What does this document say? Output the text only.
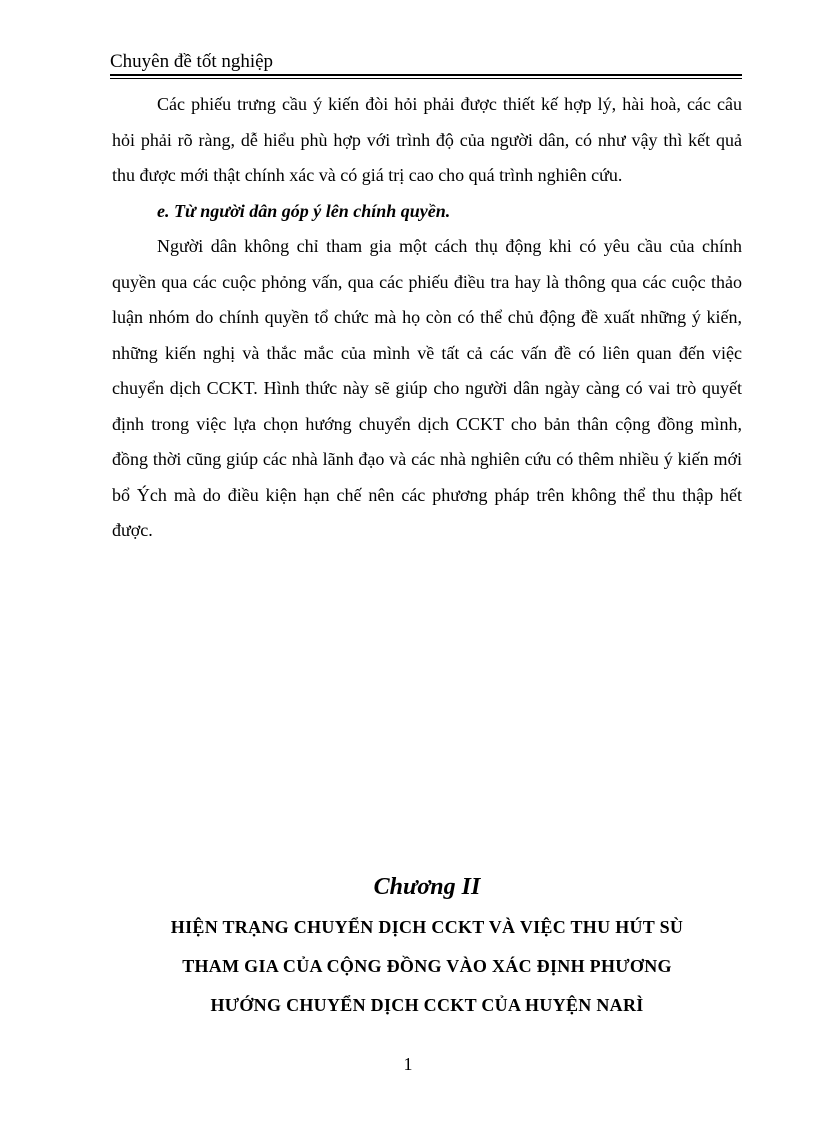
Chuyên đề tốt nghiệp

Các phiếu trưng cầu ý kiến đòi hỏi phải được thiết kế hợp lý, hài hoà, các câu hỏi phải rõ ràng, dễ hiểu phù hợp với trình độ của người dân, có như vậy thì kết quả thu được mới thật chính xác và có giá trị cao cho quá trình nghiên cứu.

e. Từ người dân góp ý lên chính quyền.

Người dân không chỉ tham gia một cách thụ động khi có yêu cầu của chính quyền qua các cuộc phỏng vấn, qua các phiếu điều tra hay là thông qua các cuộc thảo luận nhóm do chính quyền tổ chức mà họ còn có thể chủ động đề xuất những ý kiến, những kiến nghị và thắc mắc của mình về tất cả các vấn đề có liên quan đến việc chuyển dịch CCKT. Hình thức này sẽ giúp cho người dân ngày càng có vai trò quyết định trong việc lựa chọn hướng chuyển dịch CCKT cho bản thân cộng đồng mình, đồng thời cũng giúp các nhà lãnh đạo và các nhà nghiên cứu có thêm nhiều ý kiến mới bổ Ých mà do điều kiện hạn chế nên các phương pháp trên không thể thu thập hết được.

Chương II
HIỆN TRẠNG CHUYỂN DỊCH CCKT VÀ VIỆC THU HÚT SÙ
THAM GIA CỦA CỘNG ĐỒNG VÀO XÁC ĐỊNH PHƯƠNG
HƯỚNG CHUYỂN DỊCH CCKT CỦA HUYỆN NARÌ
1
